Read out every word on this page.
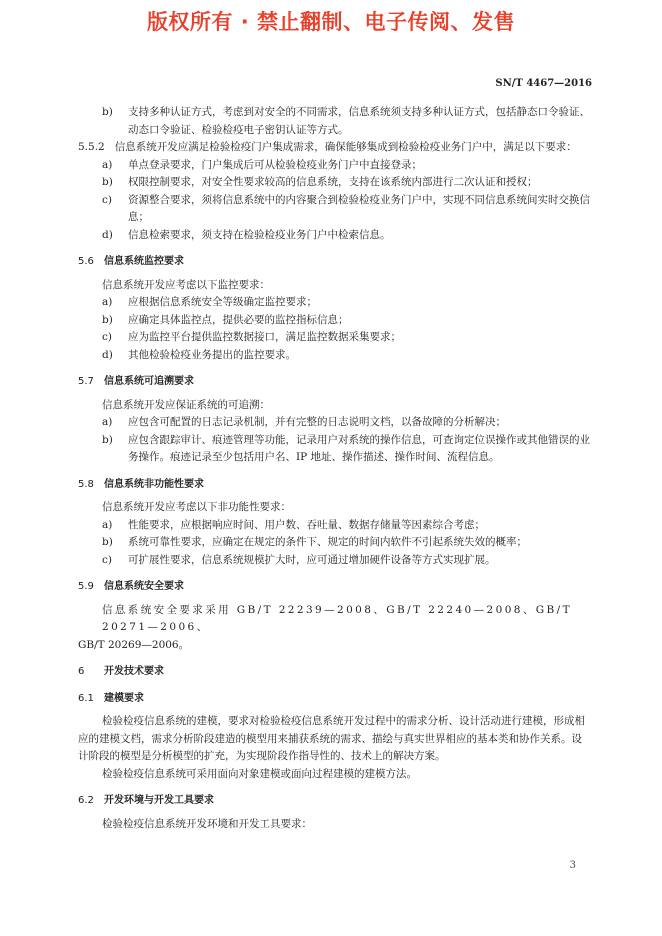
版权所有 · 禁止翻制、电子传阅、发售
SN/T 4467—2016
b) 支持多种认证方式，考虑到对安全的不同需求，信息系统须支持多种认证方式，包括静态口令验证、动态口令验证、检验检疫电子密钥认证等方式。
5.5.2 信息系统开发应满足检验检疫门户集成需求，确保能够集成到检验检疫业务门户中，满足以下要求：
a) 单点登录要求，门户集成后可从检验检疫业务门户中直接登录；
b) 权限控制要求，对安全性要求较高的信息系统，支持在该系统内部进行二次认证和授权；
c) 资源整合要求，须将信息系统中的内容聚合到检验检疫业务门户中，实现不同信息系统间实时交换信息；
d) 信息检索要求，须支持在检验检疫业务门户中检索信息。
5.6 信息系统监控要求
信息系统开发应考虑以下监控要求：
a) 应根据信息系统安全等级确定监控要求；
b) 应确定具体监控点，提供必要的监控指标信息；
c) 应为监控平台提供监控数据接口，满足监控数据采集要求；
d) 其他检验检疫业务提出的监控要求。
5.7 信息系统可追溯要求
信息系统开发应保证系统的可追溯：
a) 应包含可配置的日志记录机制，并有完整的日志说明文档，以备故障的分析解决；
b) 应包含跟踪审计、痕迹管理等功能，记录用户对系统的操作信息，可查询定位误操作或其他错误的业务操作。痕迹记录至少包括用户名、IP 地址、操作描述、操作时间、流程信息。
5.8 信息系统非功能性要求
信息系统开发应考虑以下非功能性要求：
a) 性能要求，应根据响应时间、用户数、吞吐量、数据存储量等因素综合考虑；
b) 系统可靠性要求，应确定在规定的条件下、规定的时间内软件不引起系统失效的概率；
c) 可扩展性要求，信息系统规模扩大时，应可通过增加硬件设备等方式实现扩展。
5.9 信息系统安全要求
信息系统安全要求采用 GB/T 22239—2008、GB/T 22240—2008、GB/T 20271—2006、
GB/T 20269—2006。
6 开发技术要求
6.1 建模要求
检验检疫信息系统的建模，要求对检验检疫信息系统开发过程中的需求分析、设计活动进行建模，形成相应的建模文档，需求分析阶段建造的模型用来捕获系统的需求、描绘与真实世界相应的基本类和协作关系。设计阶段的模型是分析模型的扩充，为实现阶段作指导性的、技术上的解决方案。
检验检疫信息系统可采用面向对象建模或面向过程建模的建模方法。
6.2 开发环境与开发工具要求
检验检疫信息系统开发环境和开发工具要求：
3
